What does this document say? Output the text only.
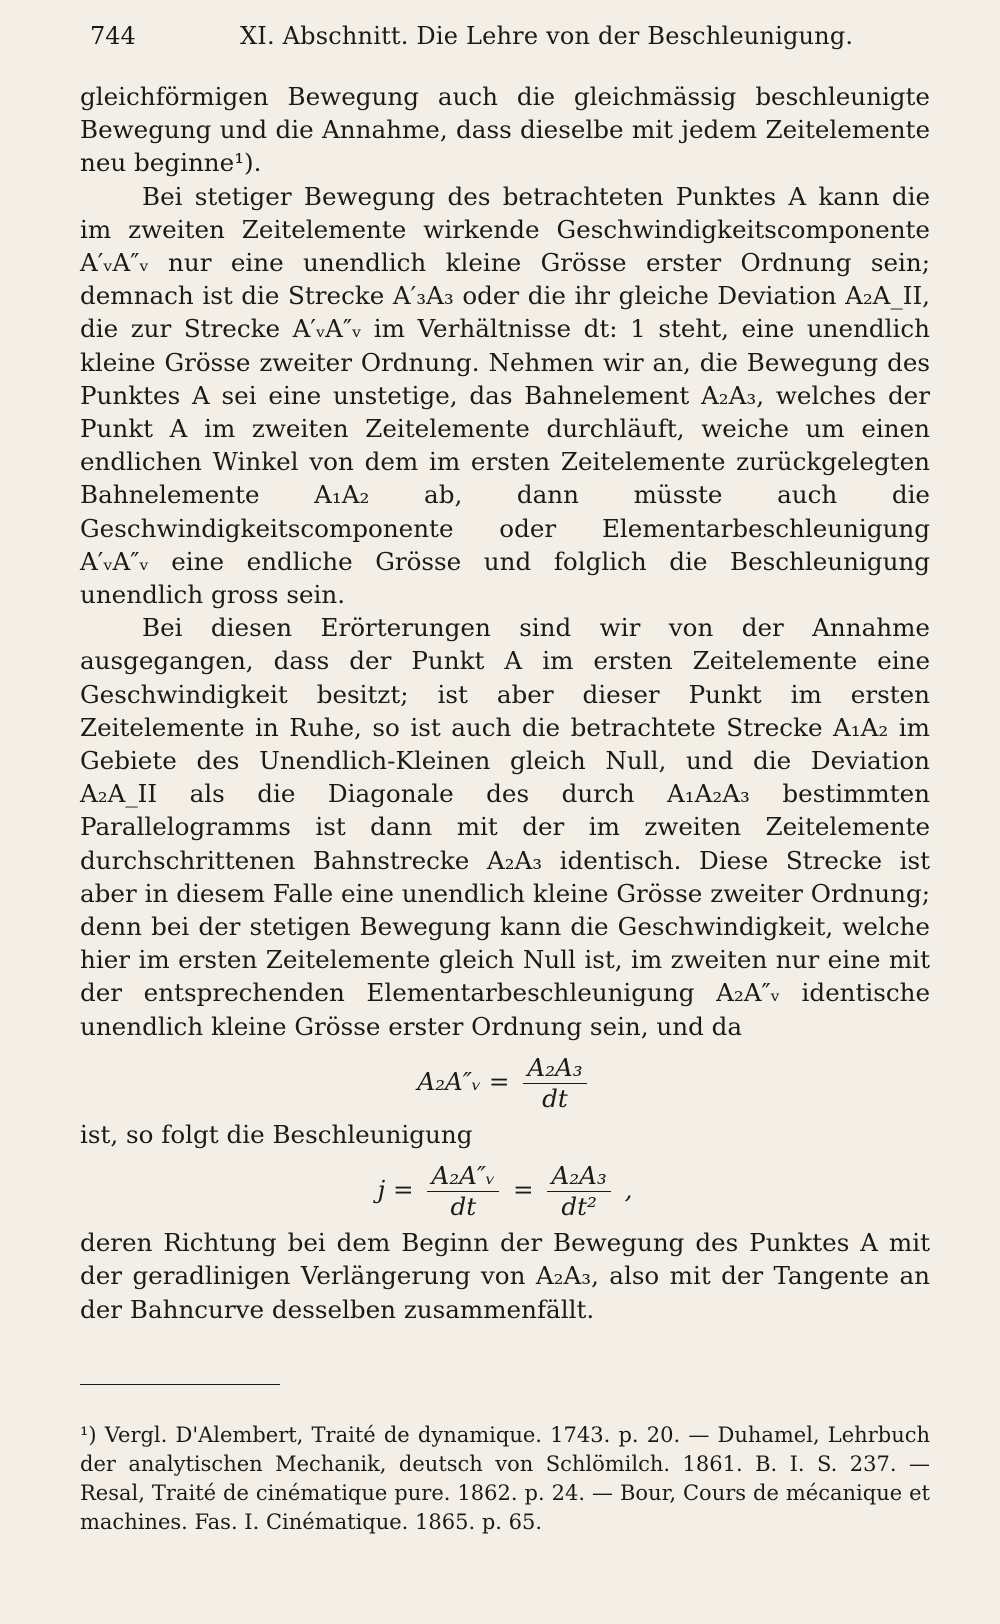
744	XI. Abschnitt. Die Lehre von der Beschleunigung.

gleichförmigen Bewegung auch die gleichmässig beschleunigte Bewegung und die Annahme, dass dieselbe mit jedem Zeitelemente neu beginne¹).

Bei stetiger Bewegung des betrachteten Punktes A kann die im zweiten Zeitelemente wirkende Geschwindigkeitscomponente A′ᵥA″ᵥ nur eine unendlich kleine Grösse erster Ordnung sein; demnach ist die Strecke A′₃A₃ oder die ihr gleiche Deviation A₂A_II, die zur Strecke A′ᵥA″ᵥ im Verhältnisse dt: 1 steht, eine unendlich kleine Grösse zweiter Ordnung. Nehmen wir an, die Bewegung des Punktes A sei eine unstetige, das Bahnelement A₂A₃, welches der Punkt A im zweiten Zeitelemente durchläuft, weiche um einen endlichen Winkel von dem im ersten Zeitelemente zurückgelegten Bahnelemente A₁A₂ ab, dann müsste auch die Geschwindigkeitscomponente oder Elementarbeschleunigung A′ᵥA″ᵥ eine endliche Grösse und folglich die Beschleunigung unendlich gross sein.

Bei diesen Erörterungen sind wir von der Annahme ausgegangen, dass der Punkt A im ersten Zeitelemente eine Geschwindigkeit besitzt; ist aber dieser Punkt im ersten Zeitelemente in Ruhe, so ist auch die betrachtete Strecke A₁A₂ im Gebiete des Unendlich-Kleinen gleich Null, und die Deviation A₂A_II als die Diagonale des durch A₁A₂A₃ bestimmten Parallelogramms ist dann mit der im zweiten Zeitelemente durchschrittenen Bahnstrecke A₂A₃ identisch. Diese Strecke ist aber in diesem Falle eine unendlich kleine Grösse zweiter Ordnung; denn bei der stetigen Bewegung kann die Geschwindigkeit, welche hier im ersten Zeitelemente gleich Null ist, im zweiten nur eine mit der entsprechenden Elementarbeschleunigung A₂A″ᵥ identische unendlich kleine Grösse erster Ordnung sein, und da

A₂A″ᵥ = $\frac{\text{A₂A₃}}{dt}$

ist, so folgt die Beschleunigung

$j = \frac{\text{A₂A″ᵥ}}{dt} = \frac{\text{A₂A₃}}{\text{dt²}}$ ,

deren Richtung bei dem Beginn der Bewegung des Punktes A mit der geradlinigen Verlängerung von A₂A₃, also mit der Tangente an der Bahncurve desselben zusammenfällt.

¹) Vergl. D'Alembert, Traité de dynamique. 1743. p. 20. — Duhamel, Lehrbuch der analytischen Mechanik, deutsch von Schlömilch. 1861. B. I. S. 237. — Resal, Traité de cinématique pure. 1862. p. 24. — Bour, Cours de mécanique et machines. Fas. I. Cinématique. 1865. p. 65.
